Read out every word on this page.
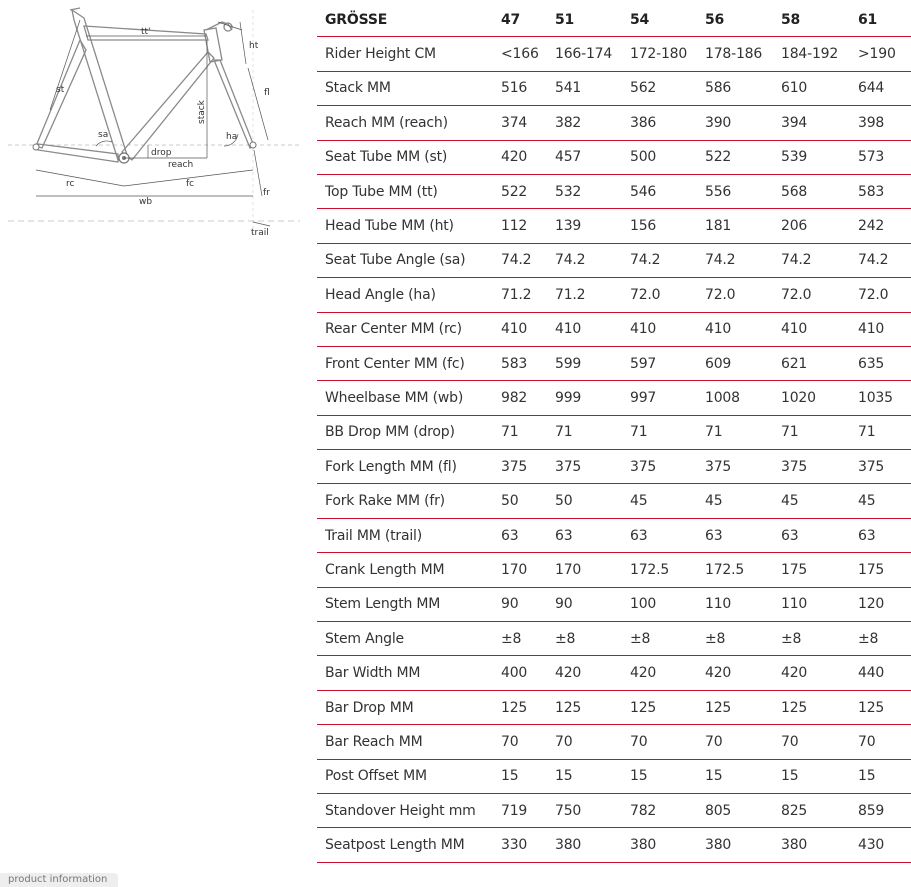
tt'
ht
st	fl
stack
sa	ha
drop
reach
rc	fc
wb
fr
trail
GRÖSSE	47	51	54	56	58	61
Rider Height CM	<166	166-174	172-180	178-186	184-192	>190
Stack MM	516	541	562	586	610	644
Reach MM (reach)	374	382	386	390	394	398
Seat Tube MM (st)	420	457	500	522	539	573
Top Tube MM (tt)	522	532	546	556	568	583
Head Tube MM (ht)	112	139	156	181	206	242
Seat Tube Angle (sa)	74.2	74.2	74.2	74.2	74.2	74.2
Head Angle (ha)	71.2	71.2	72.0	72.0	72.0	72.0
Rear Center MM (rc)	410	410	410	410	410	410
Front Center MM (fc)	583	599	597	609	621	635
Wheelbase MM (wb)	982	999	997	1008	1020	1035
BB Drop MM (drop)	71	71	71	71	71	71
Fork Length MM (fl)	375	375	375	375	375	375
Fork Rake MM (fr)	50	50	45	45	45	45
Trail MM (trail)	63	63	63	63	63	63
Crank Length MM	170	170	172.5	172.5	175	175
Stem Length MM	90	90	100	110	110	120
Stem Angle	±8	±8	±8	±8	±8	±8
Bar Width MM	400	420	420	420	420	440
Bar Drop MM	125	125	125	125	125	125
Bar Reach MM	70	70	70	70	70	70
Post Offset MM	15	15	15	15	15	15
Standover Height mm	719	750	782	805	825	859
Seatpost Length MM	330	380	380	380	380	430
product information
